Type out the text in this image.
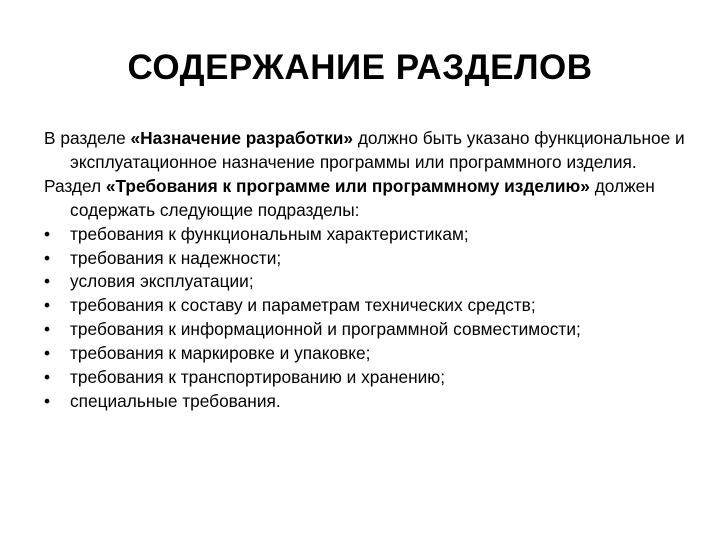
СОДЕРЖАНИЕ РАЗДЕЛОВ

В разделе «Назначение разработки» должно быть указано функциональное и эксплуатационное назначение программы или программного изделия.

Раздел «Требования к программе или программному изделию» должен содержать следующие подразделы:

•	требования к функциональным характеристикам;
•	требования к надежности;
•	условия эксплуатации;
•	требования к составу и параметрам технических средств;
•	требования к информационной и программной совместимости;
•	требования к маркировке и упаковке;
•	требования к транспортированию и хранению;
•	специальные требования.
